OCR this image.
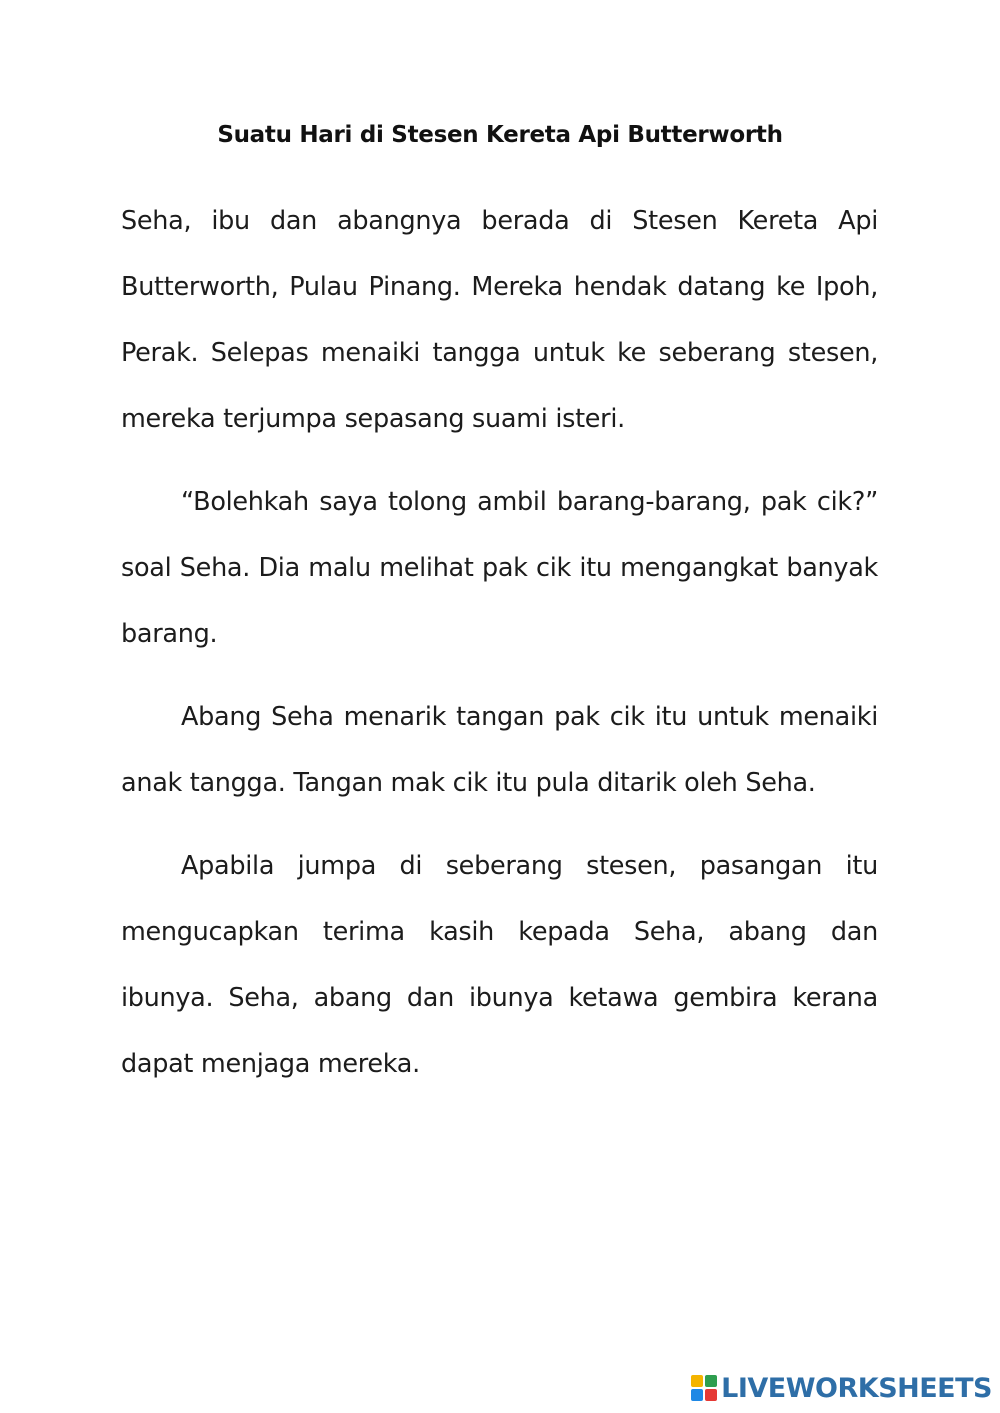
Suatu Hari di Stesen Kereta Api Butterworth

Seha, ibu dan abangnya berada di Stesen Kereta Api Butterworth, Pulau Pinang. Mereka hendak datang ke Ipoh, Perak. Selepas menaiki tangga untuk ke seberang stesen, mereka terjumpa sepasang suami isteri.

“Bolehkah saya tolong ambil barang-barang, pak cik?” soal Seha. Dia malu melihat pak cik itu mengangkat banyak barang.

Abang Seha menarik tangan pak cik itu untuk menaiki anak tangga. Tangan mak cik itu pula ditarik oleh Seha.

Apabila jumpa di seberang stesen, pasangan itu mengucapkan terima kasih kepada Seha, abang dan ibunya. Seha, abang dan ibunya ketawa gembira kerana dapat menjaga mereka.

LIVEWORKSHEETS
